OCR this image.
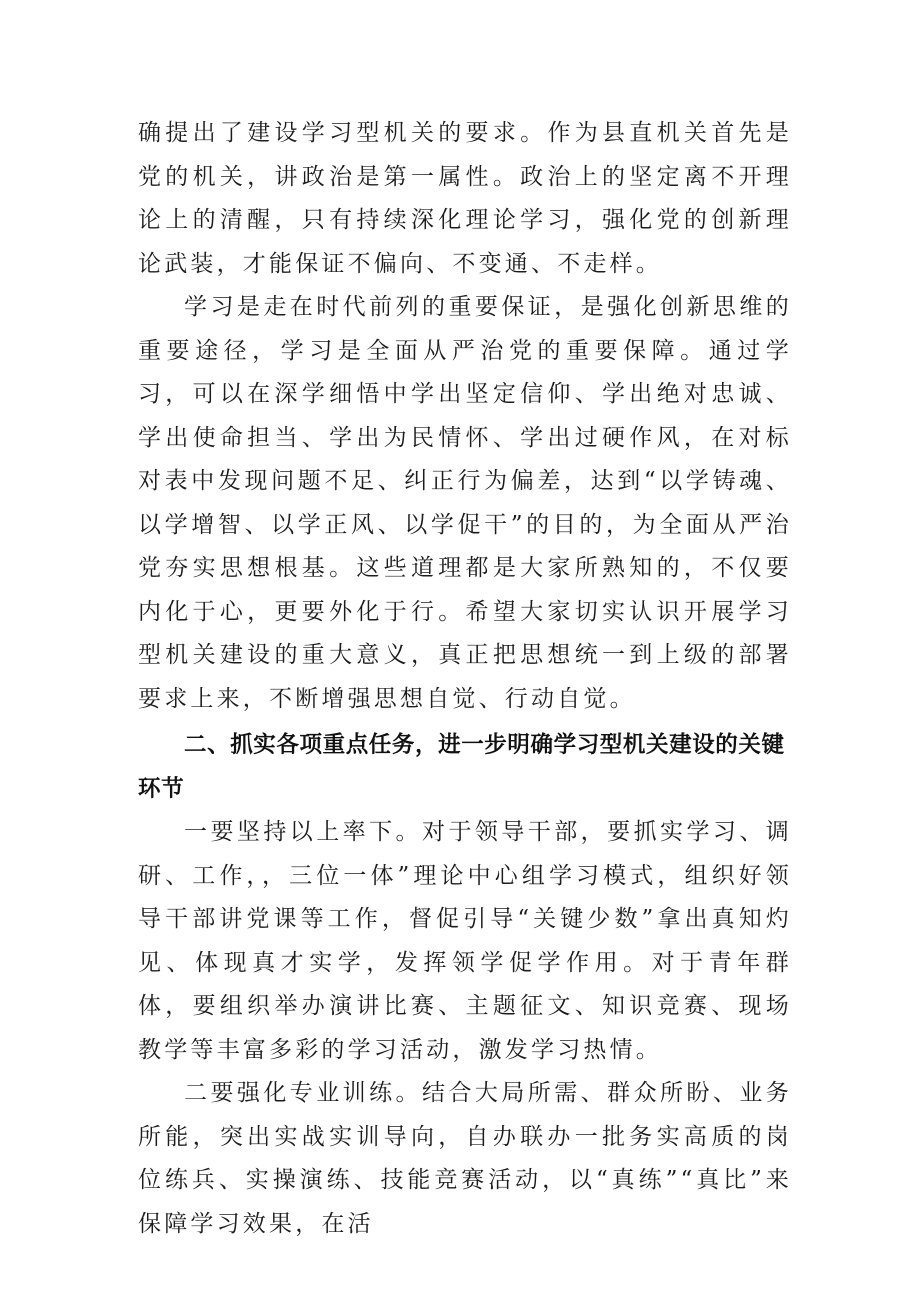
确提出了建设学习型机关的要求。作为县直机关首先是党的机关，讲政治是第一属性。政治上的坚定离不开理论上的清醒，只有持续深化理论学习，强化党的创新理论武装，才能保证不偏向、不变通、不走样。

学习是走在时代前列的重要保证，是强化创新思维的重要途径，学习是全面从严治党的重要保障。通过学习，可以在深学细悟中学出坚定信仰、学出绝对忠诚、学出使命担当、学出为民情怀、学出过硬作风，在对标对表中发现问题不足、纠正行为偏差，达到“以学铸魂、以学增智、以学正风、以学促干”的目的，为全面从严治党夯实思想根基。这些道理都是大家所熟知的，不仅要内化于心，更要外化于行。希望大家切实认识开展学习型机关建设的重大意义，真正把思想统一到上级的部署要求上来，不断增强思想自觉、行动自觉。

二、抓实各项重点任务，进一步明确学习型机关建设的关键环节

一要坚持以上率下。对于领导干部，要抓实学习、调研、工作，，三位一体”理论中心组学习模式，组织好领导干部讲党课等工作，督促引导“关键少数”拿出真知灼见、体现真才实学，发挥领学促学作用。对于青年群体，要组织举办演讲比赛、主题征文、知识竞赛、现场教学等丰富多彩的学习活动，激发学习热情。

二要强化专业训练。结合大局所需、群众所盼、业务所能，突出实战实训导向，自办联办一批务实高质的岗位练兵、实操演练、技能竞赛活动，以“真练”“真比”来保障学习效果，在活
